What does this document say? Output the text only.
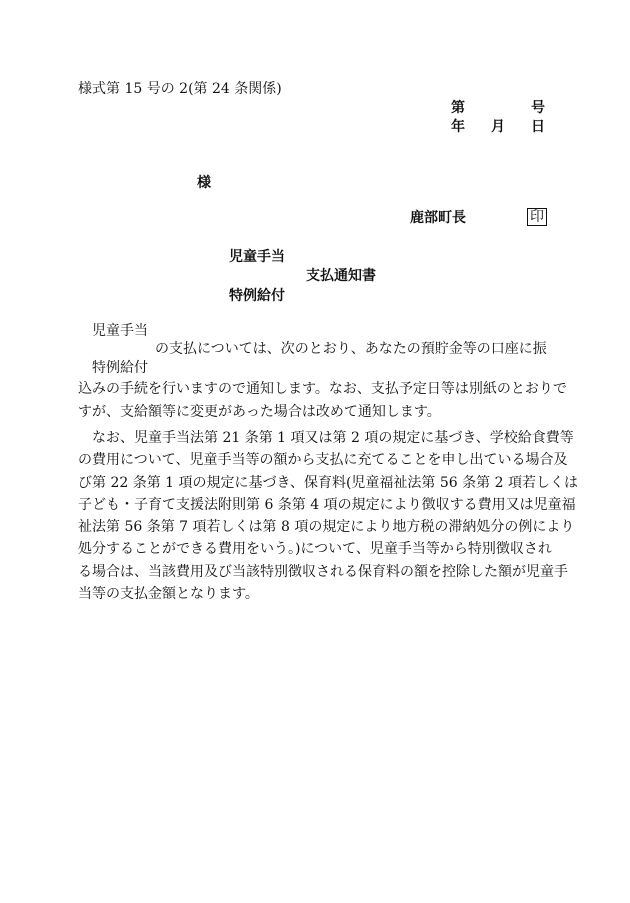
様式第 15 号の 2(第 24 条関係)
第	号
年 月 日
様
鹿部町長	印
児童手当
支払通知書
特例給付
児童手当
の支払については、次のとおり、あなたの預貯金等の口座に振
特例給付
込みの手続を行いますので通知します。なお、支払予定日等は別紙のとおりで
すが、支給額等に変更があった場合は改めて通知します。
なお、児童手当法第 21 条第 1 項又は第 2 項の規定に基づき、学校給食費等
の費用について、児童手当等の額から支払に充てることを申し出ている場合及
び第 22 条第 1 項の規定に基づき、保育料(児童福祉法第 56 条第 2 項若しくは
子ども・子育て支援法附則第 6 条第 4 項の規定により徴収する費用又は児童福
祉法第 56 条第 7 項若しくは第 8 項の規定により地方税の滞納処分の例により
処分することができる費用をいう。)について、児童手当等から特別徴収され
る場合は、当該費用及び当該特別徴収される保育料の額を控除した額が児童手
当等の支払金額となります。
